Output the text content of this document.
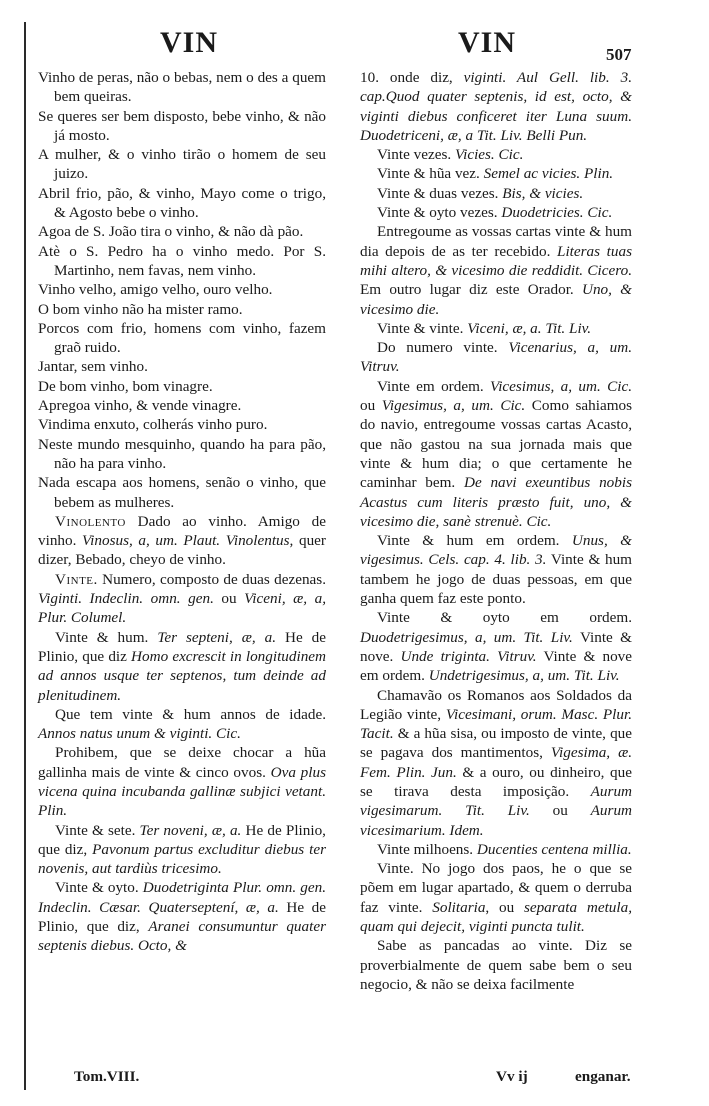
VIN	VIN	507

Vinho de peras, não o bebas, nem o des a quem bem queiras.

Se queres ser bem disposto, bebe vinho, & não já mosto.

A mulher, & o vinho tirão o homem de seu juizo.

Abril frio, pão, & vinho, Mayo come o trigo, & Agosto bebe o vinho.

Agoa de S. João tira o vinho, & não dà pão.

Atè o S. Pedro ha o vinho medo. Por S. Martinho, nem favas, nem vinho.

Vinho velho, amigo velho, ouro velho.

O bom vinho não ha mister ramo.

Porcos com frio, homens com vinho, fazem graõ ruido.

Jantar, sem vinho.

De bom vinho, bom vinagre.

Apregoa vinho, & vende vinagre.

Vindima enxuto, colherás vinho puro.

Neste mundo mesquinho, quando ha para pão, não ha para vinho.

Nada escapa aos homens, senão o vinho, que bebem as mulheres.

Vinolento Dado ao vinho. Amigo de vinho. Vinosus, a, um. Plaut. Vinolentus, quer dizer, Bebado, cheyo de vinho.

Vinte. Numero, composto de duas dezenas. Viginti. Indeclin. omn. gen. ou Viceni, æ, a, Plur. Columel.

Vinte & hum. Ter septeni, æ, a. He de Plinio, que diz Homo excrescit in longitudinem ad annos usque ter septenos, tum deinde ad plenitudinem.

Que tem vinte & hum annos de idade. Annos natus unum & viginti. Cic.

Prohibem, que se deixe chocar a hũa gallinha mais de vinte & cinco ovos. Ova plus vicena quina incubanda gallinæ subjici vetant. Plin.

Vinte & sete. Ter noveni, æ, a. He de Plinio, que diz, Pavonum partus excluditur diebus ter novenis, aut tardiùs tricesimo.

Vinte & oyto. Duodetriginta Plur. omn. gen. Indeclin. Cæsar. Quaterseptení, æ, a. He de Plinio, que diz, Aranei consumuntur quater septenis diebus. Octo, &

10. onde diz, viginti. Aul Gell. lib. 3. cap.Quod quater septenis, id est, octo, & viginti diebus conficeret iter Luna suum. Duodetriceni, æ, a Tit. Liv. Belli Pun.

Vinte vezes. Vicies. Cic.

Vinte & hũa vez. Semel ac vicies. Plin.

Vinte & duas vezes. Bis, & vicies.

Vinte & oyto vezes. Duodetricies. Cic.

Entregoume as vossas cartas vinte & hum dia depois de as ter recebido. Literas tuas mihi altero, & vicesimo die reddidit. Cicero. Em outro lugar diz este Orador. Uno, & vicesimo die.

Vinte & vinte. Viceni, æ, a. Tit. Liv.

Do numero vinte. Vicenarius, a, um. Vitruv.

Vinte em ordem. Vicesimus, a, um. Cic. ou Vigesimus, a, um. Cic. Como sahiamos do navio, entregoume vossas cartas Acasto, que não gastou na sua jornada mais que vinte & hum dia; o que certamente he caminhar bem. De navi exeuntibus nobis Acastus cum literis præsto fuit, uno, & vicesimo die, sanè strenuè. Cic.

Vinte & hum em ordem. Unus, & vigesimus. Cels. cap. 4. lib. 3. Vinte & hum tambem he jogo de duas pessoas, em que ganha quem faz este ponto.

Vinte & oyto em ordem. Duodetrigesimus, a, um. Tit. Liv. Vinte & nove. Unde triginta. Vitruv. Vinte & nove em ordem. Undetrigesimus, a, um. Tit. Liv.

Chamavão os Romanos aos Soldados da Legião vinte, Vicesimani, orum. Masc. Plur. Tacit. & a hũa sisa, ou imposto de vinte, que se pagava dos mantimentos, Vigesima, æ. Fem. Plin. Jun. & a ouro, ou dinheiro, que se tirava desta imposição. Aurum vigesimarum. Tit. Liv. ou Aurum vicesimarium. Idem.

Vinte milhoens. Ducenties centena millia.

Vinte. No jogo dos paos, he o que se põem em lugar apartado, & quem o derruba faz vinte. Solitaria, ou separata metula, quam qui dejecit, viginti puncta tulit.

Sabe as pancadas ao vinte. Diz se proverbialmente de quem sabe bem o seu negocio, & não se deixa facilmente

Tom.VIII.	Vv ij	enganar.
